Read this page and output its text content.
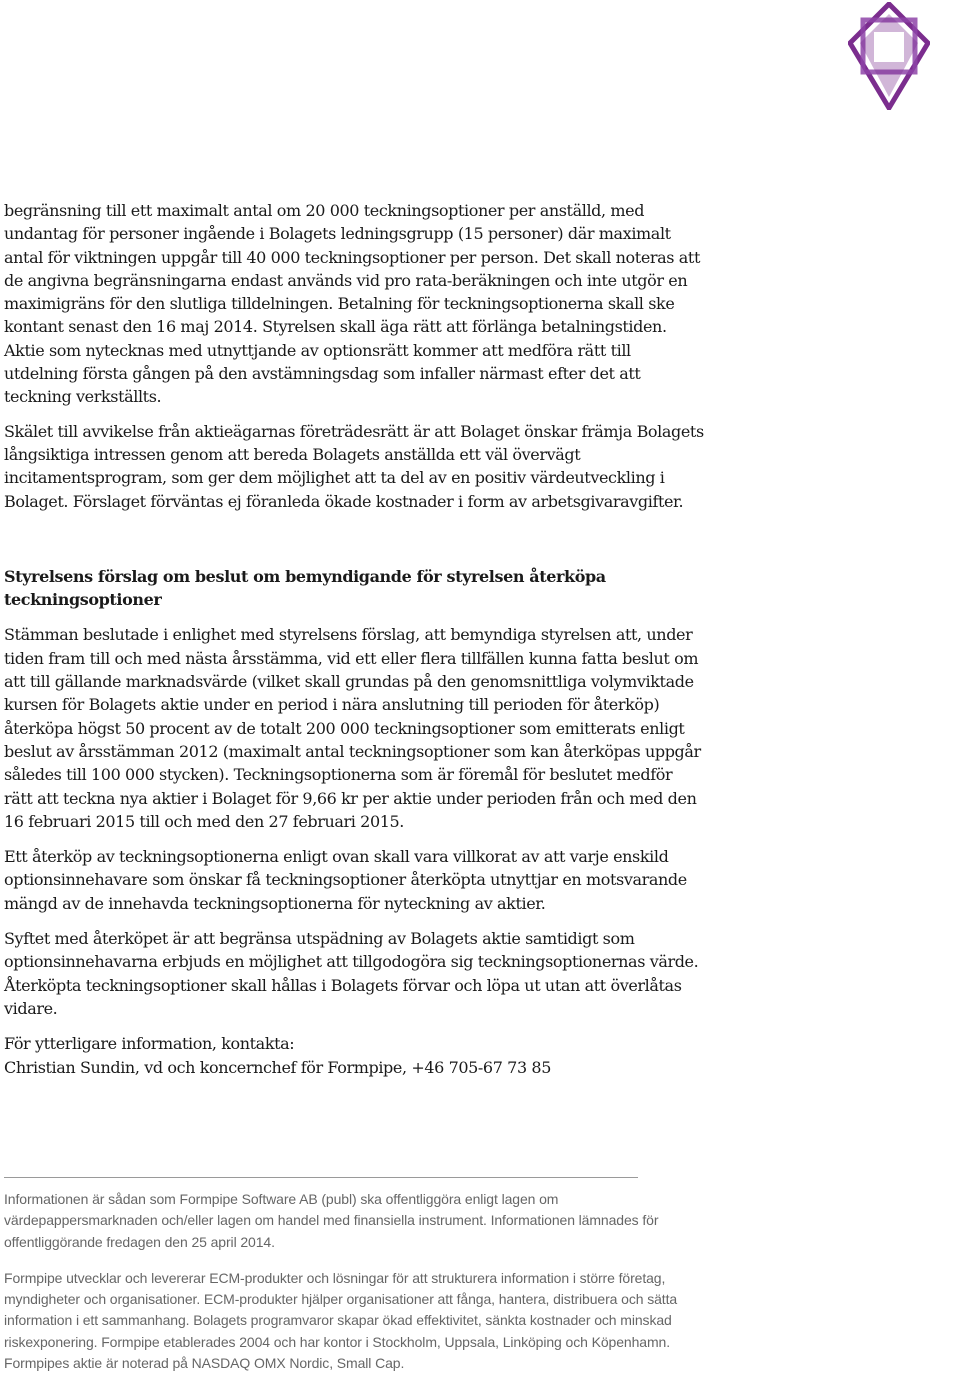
begränsning till ett maximalt antal om 20 000 teckningsoptioner per anställd, med undantag för personer ingående i Bolagets ledningsgrupp (15 personer) där maximalt antal för viktningen uppgår till 40 000 teckningsoptioner per person. Det skall noteras att de angivna begränsningarna endast används vid pro rata-beräkningen och inte utgör en maximigräns för den slutliga tilldelningen. Betalning för teckningsoptionerna skall ske kontant senast den 16 maj 2014. Styrelsen skall äga rätt att förlänga betalningstiden. Aktie som nytecknas med utnyttjande av optionsrätt kommer att medföra rätt till utdelning första gången på den avstämningsdag som infaller närmast efter det att teckning verkställts.

Skälet till avvikelse från aktieägarnas företrädesrätt är att Bolaget önskar främja Bolagets långsiktiga intressen genom att bereda Bolagets anställda ett väl övervägt incitamentsprogram, som ger dem möjlighet att ta del av en positiv värdeutveckling i Bolaget. Förslaget förväntas ej föranleda ökade kostnader i form av arbetsgivaravgifter.

Styrelsens förslag om beslut om bemyndigande för styrelsen återköpa teckningsoptioner

Stämman beslutade i enlighet med styrelsens förslag, att bemyndiga styrelsen att, under tiden fram till och med nästa årsstämma, vid ett eller flera tillfällen kunna fatta beslut om att till gällande marknadsvärde (vilket skall grundas på den genomsnittliga volymviktade kursen för Bolagets aktie under en period i nära anslutning till perioden för återköp) återköpa högst 50 procent av de totalt 200 000 teckningsoptioner som emitterats enligt beslut av årsstämman 2012 (maximalt antal teckningsoptioner som kan återköpas uppgår således till 100 000 stycken). Teckningsoptionerna som är föremål för beslutet medför rätt att teckna nya aktier i Bolaget för 9,66 kr per aktie under perioden från och med den 16 februari 2015 till och med den 27 februari 2015.

Ett återköp av teckningsoptionerna enligt ovan skall vara villkorat av att varje enskild optionsinnehavare som önskar få teckningsoptioner återköpta utnyttjar en motsvarande mängd av de innehavda teckningsoptionerna för nyteckning av aktier.

Syftet med återköpet är att begränsa utspädning av Bolagets aktie samtidigt som optionsinnehavarna erbjuds en möjlighet att tillgodogöra sig teckningsoptionernas värde. Återköpta teckningsoptioner skall hållas i Bolagets förvar och löpa ut utan att överlåtas vidare.

För ytterligare information, kontakta:

Christian Sundin, vd och koncernchef för Formpipe, +46 705-67 73 85

Informationen är sådan som Formpipe Software AB (publ) ska offentliggöra enligt lagen om värdepappersmarknaden och/eller lagen om handel med finansiella instrument. Informationen lämnades för offentliggörande fredagen den 25 april 2014.

Formpipe utvecklar och levererar ECM-produkter och lösningar för att strukturera information i större företag, myndigheter och organisationer. ECM-produkter hjälper organisationer att fånga, hantera, distribuera och sätta information i ett sammanhang. Bolagets programvaror skapar ökad effektivitet, sänkta kostnader och minskad riskexponering. Formpipe etablerades 2004 och har kontor i Stockholm, Uppsala, Linköping och Köpenhamn. Formpipes aktie är noterad på NASDAQ OMX Nordic, Small Cap.
